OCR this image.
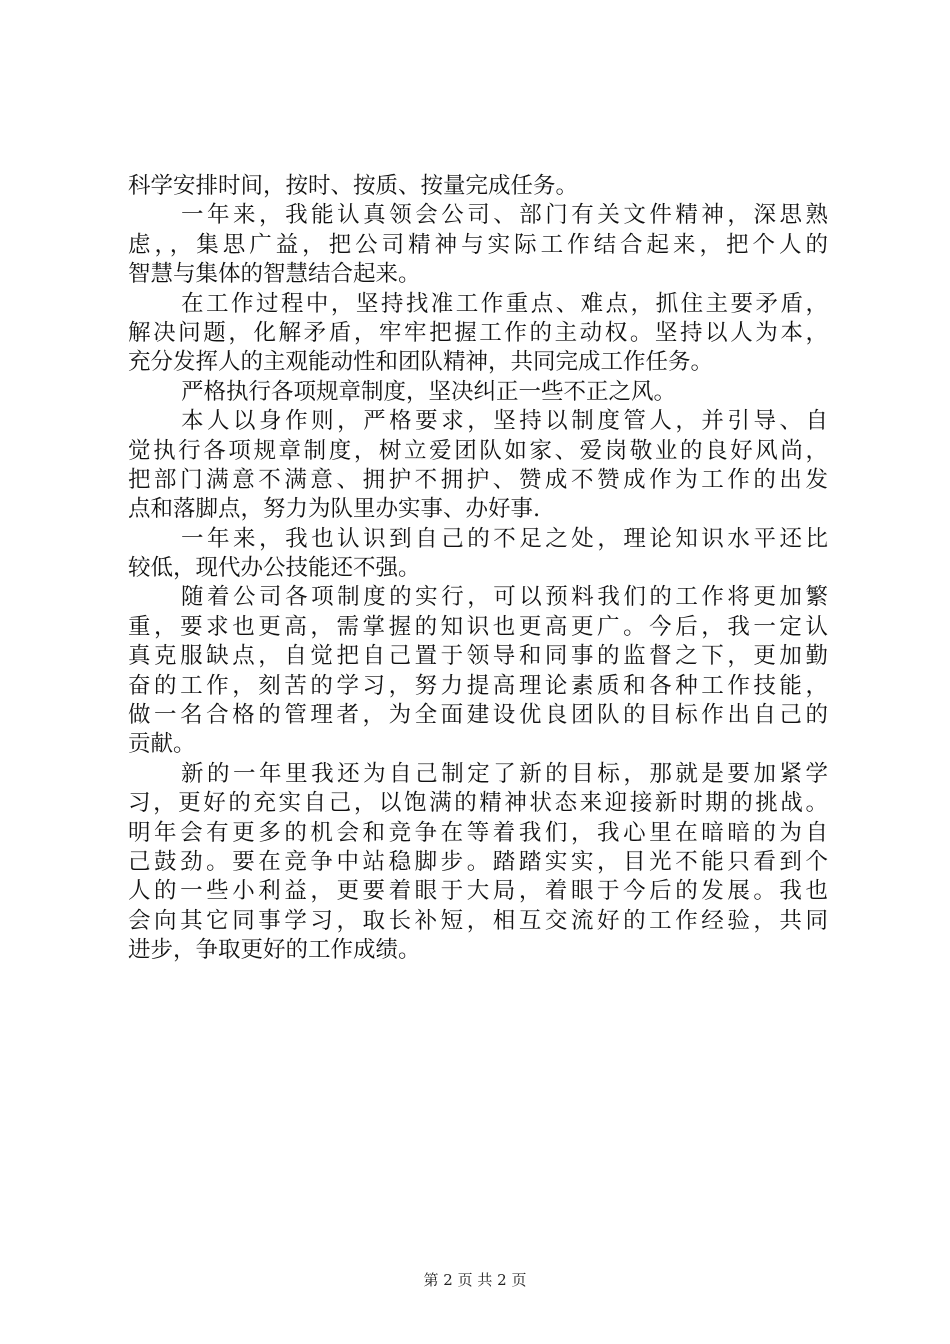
科学安排时间，按时、按质、按量完成任务。
一年来，我能认真领会公司、部门有关文件精神，深思熟
虑，，集思广益，把公司精神与实际工作结合起来，把个人的
智慧与集体的智慧结合起来。
在工作过程中，坚持找准工作重点、难点，抓住主要矛盾，
解决问题，化解矛盾，牢牢把握工作的主动权。坚持以人为本，
充分发挥人的主观能动性和团队精神，共同完成工作任务。
严格执行各项规章制度，坚决纠正一些不正之风。
本人以身作则，严格要求，坚持以制度管人，并引导、自
觉执行各项规章制度，树立爱团队如家、爱岗敬业的良好风尚，
把部门满意不满意、拥护不拥护、赞成不赞成作为工作的出发
点和落脚点，努力为队里办实事、办好事.
一年来，我也认识到自己的不足之处，理论知识水平还比
较低，现代办公技能还不强。
随着公司各项制度的实行，可以预料我们的工作将更加繁
重，要求也更高，需掌握的知识也更高更广。今后，我一定认
真克服缺点，自觉把自己置于领导和同事的监督之下，更加勤
奋的工作，刻苦的学习，努力提高理论素质和各种工作技能，
做一名合格的管理者，为全面建设优良团队的目标作出自己的
贡献。
新的一年里我还为自己制定了新的目标，那就是要加紧学
习，更好的充实自己，以饱满的精神状态来迎接新时期的挑战。
明年会有更多的机会和竞争在等着我们，我心里在暗暗的为自
己鼓劲。要在竞争中站稳脚步。踏踏实实，目光不能只看到个
人的一些小利益，更要着眼于大局，着眼于今后的发展。我也
会向其它同事学习，取长补短，相互交流好的工作经验，共同
进步，争取更好的工作成绩。
第 2 页 共 2 页
